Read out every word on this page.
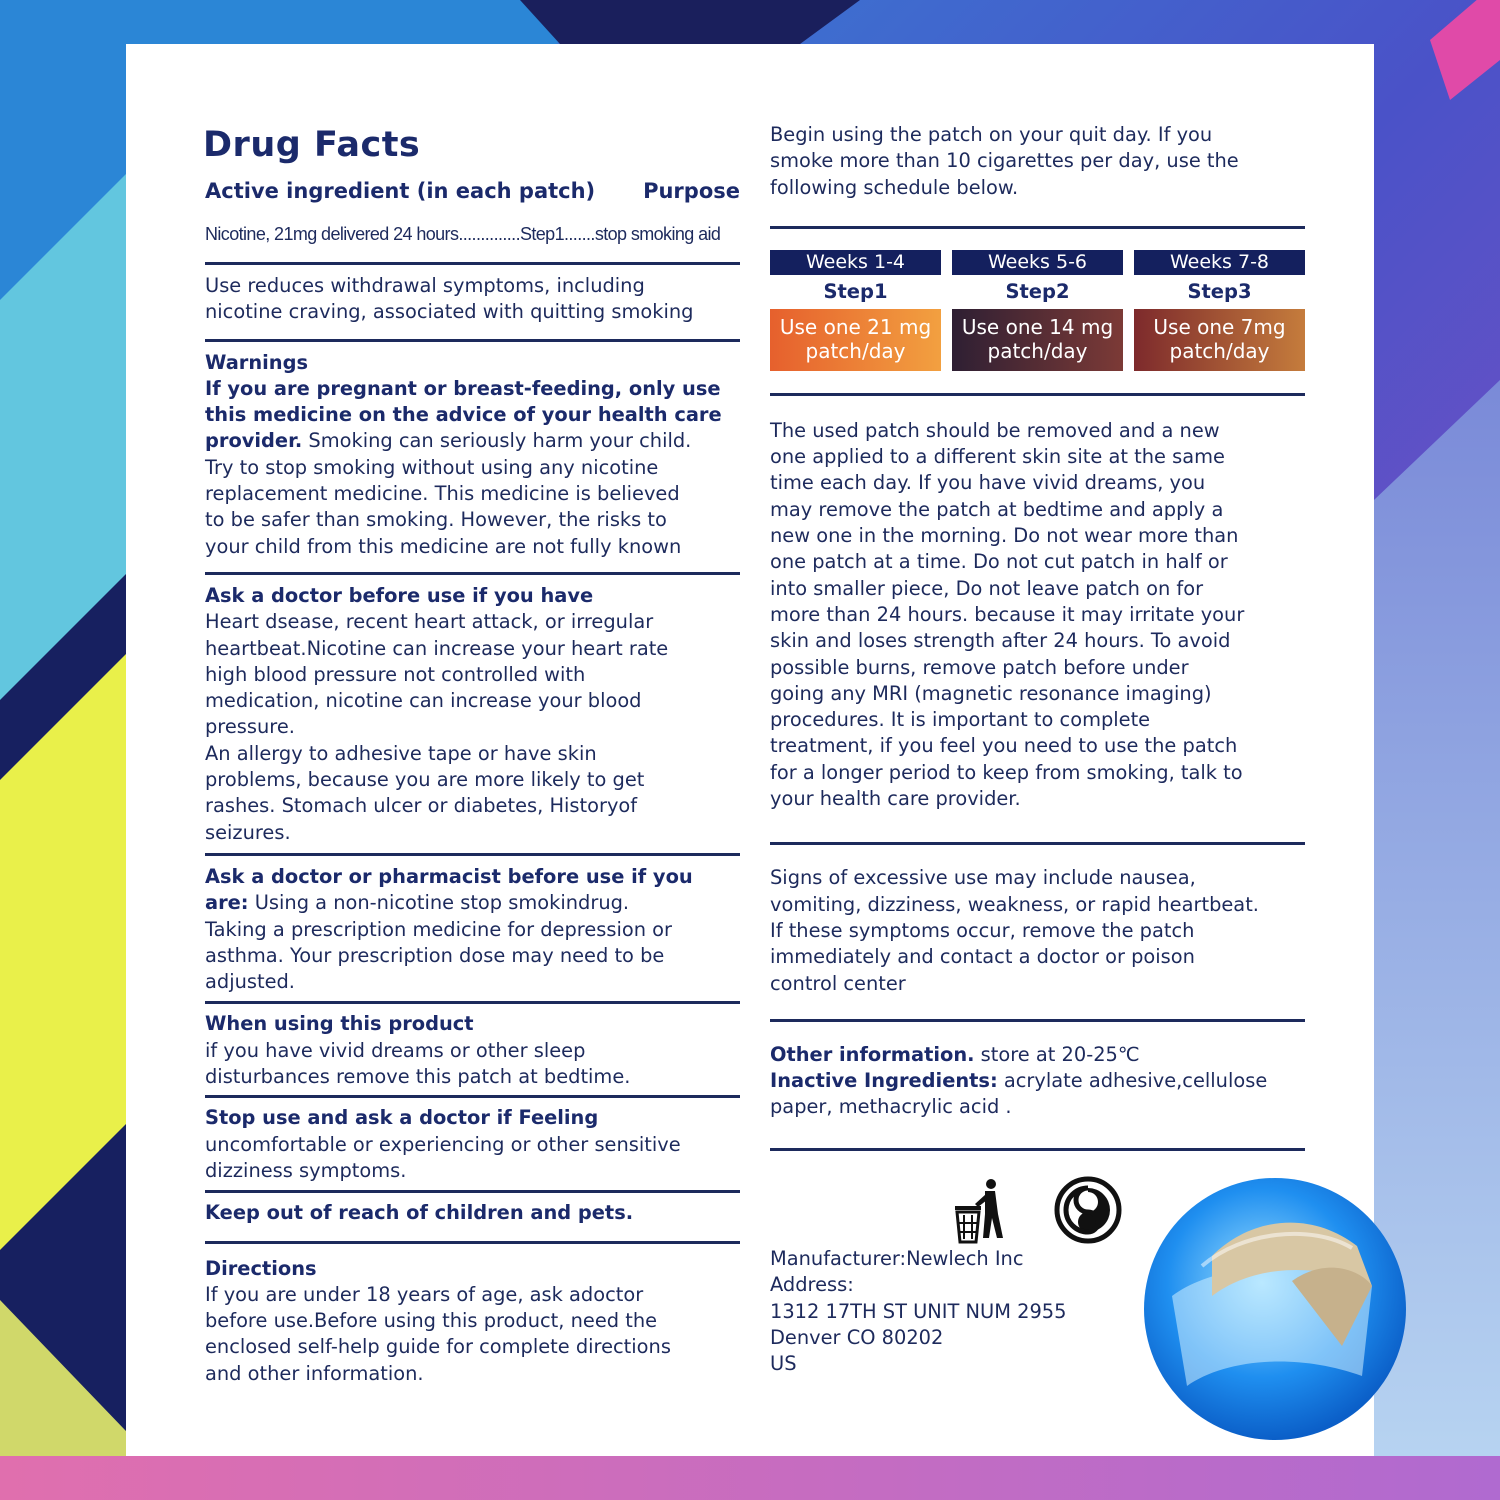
Drug Facts
Active ingredient (in each patch) Purpose
Nicotine, 21mg delivered 24 hours..............Step1.......stop smoking aid
Use reduces withdrawal symptoms, including
nicotine craving, associated with quitting smoking
Warnings
If you are pregnant or breast-feeding, only use
this medicine on the advice of your health care
provider. Smoking can seriously harm your child.
Try to stop smoking without using any nicotine
replacement medicine. This medicine is believed
to be safer than smoking. However, the risks to
your child from this medicine are not fully known
Ask a doctor before use if you have
Heart dsease, recent heart attack, or irregular
heartbeat.Nicotine can increase your heart rate
high blood pressure not controlled with
medication, nicotine can increase your blood
pressure.
An allergy to adhesive tape or have skin
problems, because you are more likely to get
rashes. Stomach ulcer or diabetes, Historyof
seizures.
Ask a doctor or pharmacist before use if you
are: Using a non-nicotine stop smokindrug.
Taking a prescription medicine for depression or
asthma. Your prescription dose may need to be
adjusted.
When using this product
if you have vivid dreams or other sleep
disturbances remove this patch at bedtime.
Stop use and ask a doctor if Feeling
uncomfortable or experiencing or other sensitive
dizziness symptoms.
Keep out of reach of children and pets.
Directions
If you are under 18 years of age, ask adoctor
before use.Before using this product, need the
enclosed self-help guide for complete directions
and other information.
Begin using the patch on your quit day. If you
smoke more than 10 cigarettes per day, use the
following schedule below.
Weeks 1-4
Step1
Use one 21 mg
patch/day
Weeks 5-6
Step2
Use one 14 mg
patch/day
Weeks 7-8
Step3
Use one 7mg
patch/day
The used patch should be removed and a new
one applied to a different skin site at the same
time each day. If you have vivid dreams, you
may remove the patch at bedtime and apply a
new one in the morning. Do not wear more than
one patch at a time. Do not cut patch in half or
into smaller piece, Do not leave patch on for
more than 24 hours. because it may irritate your
skin and loses strength after 24 hours. To avoid
possible burns, remove patch before under
going any MRI (magnetic resonance imaging)
procedures. It is important to complete
treatment, if you feel you need to use the patch
for a longer period to keep from smoking, talk to
your health care provider.
Signs of excessive use may include nausea,
vomiting, dizziness, weakness, or rapid heartbeat.
If these symptoms occur, remove the patch
immediately and contact a doctor or poison
control center
Other information. store at 20-25℃
Inactive Ingredients: acrylate adhesive,cellulose
paper, methacrylic acid .
Manufacturer:Newlech Inc
Address:
1312 17TH ST UNIT NUM 2955
Denver CO 80202
US
